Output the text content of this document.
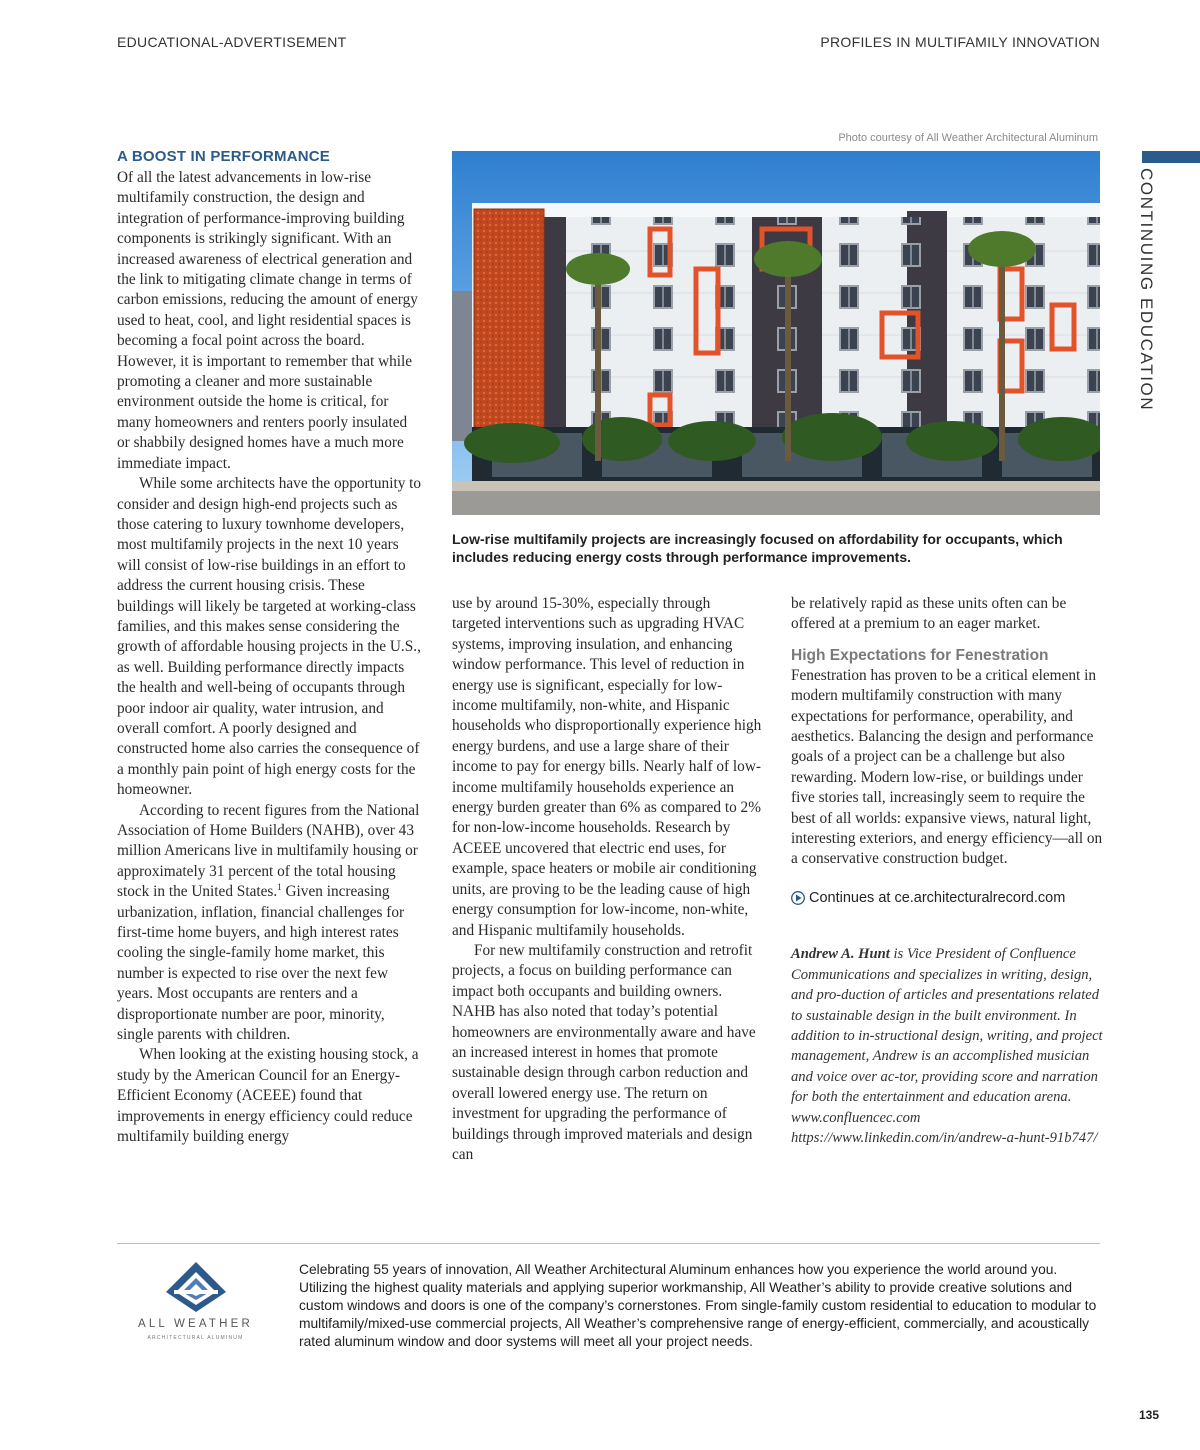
EDUCATIONAL-ADVERTISEMENT	PROFILES IN MULTIFAMILY INNOVATION
Photo courtesy of All Weather Architectural Aluminum
CONTINUING EDUCATION
Low-rise multifamily projects are increasingly focused on affordability for occupants, which includes reducing energy costs through performance improvements.
A BOOST IN PERFORMANCE

Of all the latest advancements in low-rise multifamily construction, the design and integration of performance-improving building components is strikingly significant. With an increased awareness of electrical generation and the link to mitigating climate change in terms of carbon emissions, reducing the amount of energy used to heat, cool, and light residential spaces is becoming a focal point across the board. However, it is important to remember that while promoting a cleaner and more sustainable environment outside the home is critical, for many homeowners and renters poorly insulated or shabbily designed homes have a much more immediate impact.

While some architects have the opportunity to consider and design high-end projects such as those catering to luxury townhome developers, most multifamily projects in the next 10 years will consist of low-rise buildings in an effort to address the current housing crisis. These buildings will likely be targeted at working-class families, and this makes sense considering the growth of affordable housing projects in the U.S., as well. Building performance directly impacts the health and well-being of occupants through poor indoor air quality, water intrusion, and overall comfort. A poorly designed and constructed home also carries the consequence of a monthly pain point of high energy costs for the homeowner.

According to recent figures from the National Association of Home Builders (NAHB), over 43 million Americans live in multifamily housing or approximately 31 percent of the total housing stock in the United States.$^1$ Given increasing urbanization, inflation, financial challenges for first-time home buyers, and high interest rates cooling the single-family home market, this number is expected to rise over the next few years. Most occupants are renters and a disproportionate number are poor, minority, single parents with children.

When looking at the existing housing stock, a study by the American Council for an Energy-Efficient Economy (ACEEE) found that improvements in energy efficiency could reduce multifamily building energy

use by around 15-30%, especially through targeted interventions such as upgrading HVAC systems, improving insulation, and enhancing window performance. This level of reduction in energy use is significant, especially for low-income multifamily, non-white, and Hispanic households who disproportionally experience high energy burdens, and use a large share of their income to pay for energy bills. Nearly half of low-income multifamily households experience an energy burden greater than 6% as compared to 2% for non-low-income households. Research by ACEEE uncovered that electric end uses, for example, space heaters or mobile air conditioning units, are proving to be the leading cause of high energy consumption for low-income, non-white, and Hispanic multifamily households.

For new multifamily construction and retrofit projects, a focus on building performance can impact both occupants and building owners. NAHB has also noted that today’s potential homeowners are environmentally aware and have an increased interest in homes that promote sustainable design through carbon reduction and overall lowered energy use. The return on investment for upgrading the performance of buildings through improved materials and design can

be relatively rapid as these units often can be offered at a premium to an eager market.

High Expectations for Fenestration

Fenestration has proven to be a critical element in modern multifamily construction with many expectations for performance, operability, and aesthetics. Balancing the design and performance goals of a project can be a challenge but also rewarding. Modern low-rise, or buildings under five stories tall, increasingly seem to require the best of all worlds: expansive views, natural light, interesting exteriors, and energy efficiency—all on a conservative construction budget.

Continues at ce.architecturalrecord.com
Andrew A. Hunt is Vice President of Confluence Communications and specializes in writing, design, and pro-duction of articles and presentations related to sustainable design in the built environment. In addition to in-structional design, writing, and project management, Andrew is an accomplished musician and voice over ac-tor, providing score and narration for both the entertainment and education arena. www.confluencec.com https://www.linkedin.com/in/andrew-a-hunt-91b747/
ALL WEATHER
ARCHITECTURAL ALUMINUM
Celebrating 55 years of innovation, All Weather Architectural Aluminum enhances how you experience the world around you. Utilizing the highest quality materials and applying superior workmanship, All Weather’s ability to provide creative solutions and custom windows and doors is one of the company’s cornerstones. From single-family custom residential to education to modular to multifamily/mixed-use commercial projects, All Weather’s comprehensive range of energy-efficient, commercially, and acoustically rated aluminum window and door systems will meet all your project needs.
135
